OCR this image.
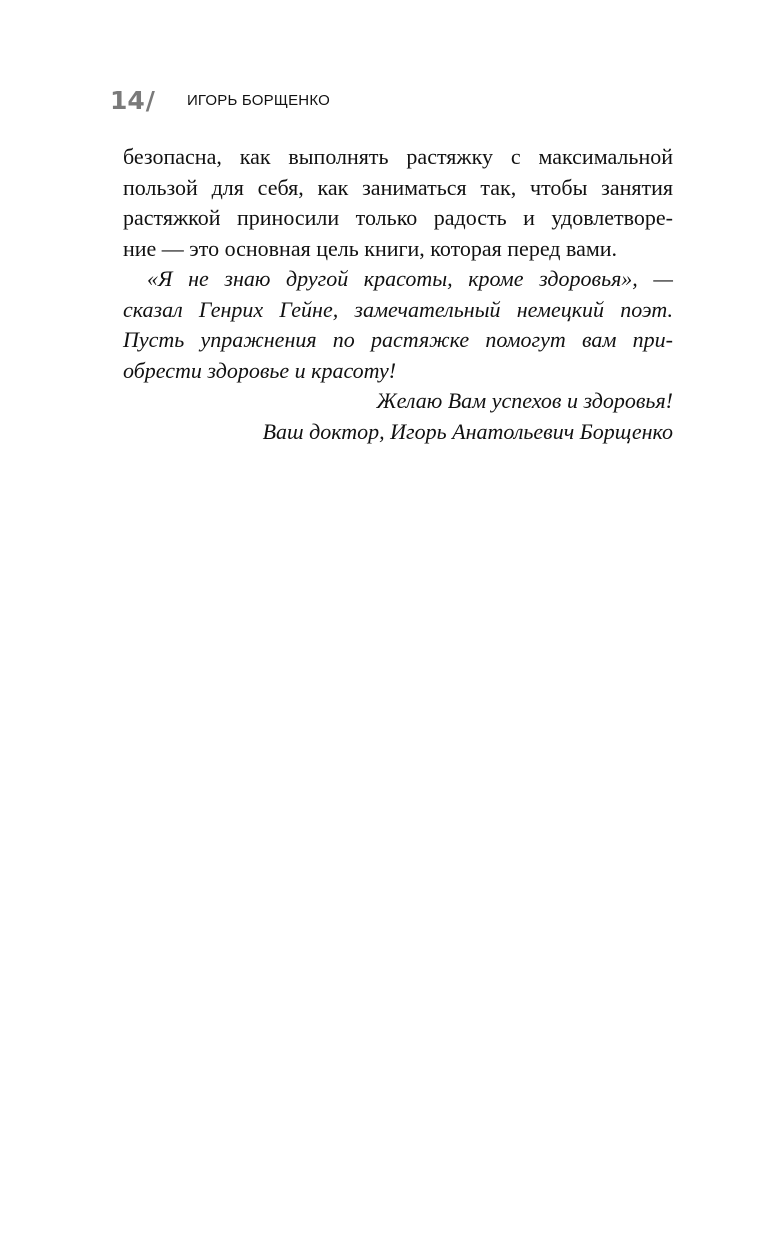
14 / ИГОРЬ БОРЩЕНКО
безопасна, как выполнять растяжку с максимальной
пользой для себя, как заниматься так, чтобы занятия
растяжкой приносили только радость и удовлетворе-
ние — это основная цель книги, которая перед вами.
«Я не знаю другой красоты, кроме здоровья», —
сказал Генрих Гейне, замечательный немецкий поэт.
Пусть упражнения по растяжке помогут вам при-
обрести здоровье и красоту!
Желаю Вам успехов и здоровья!
Ваш доктор, Игорь Анатольевич Борщенко
